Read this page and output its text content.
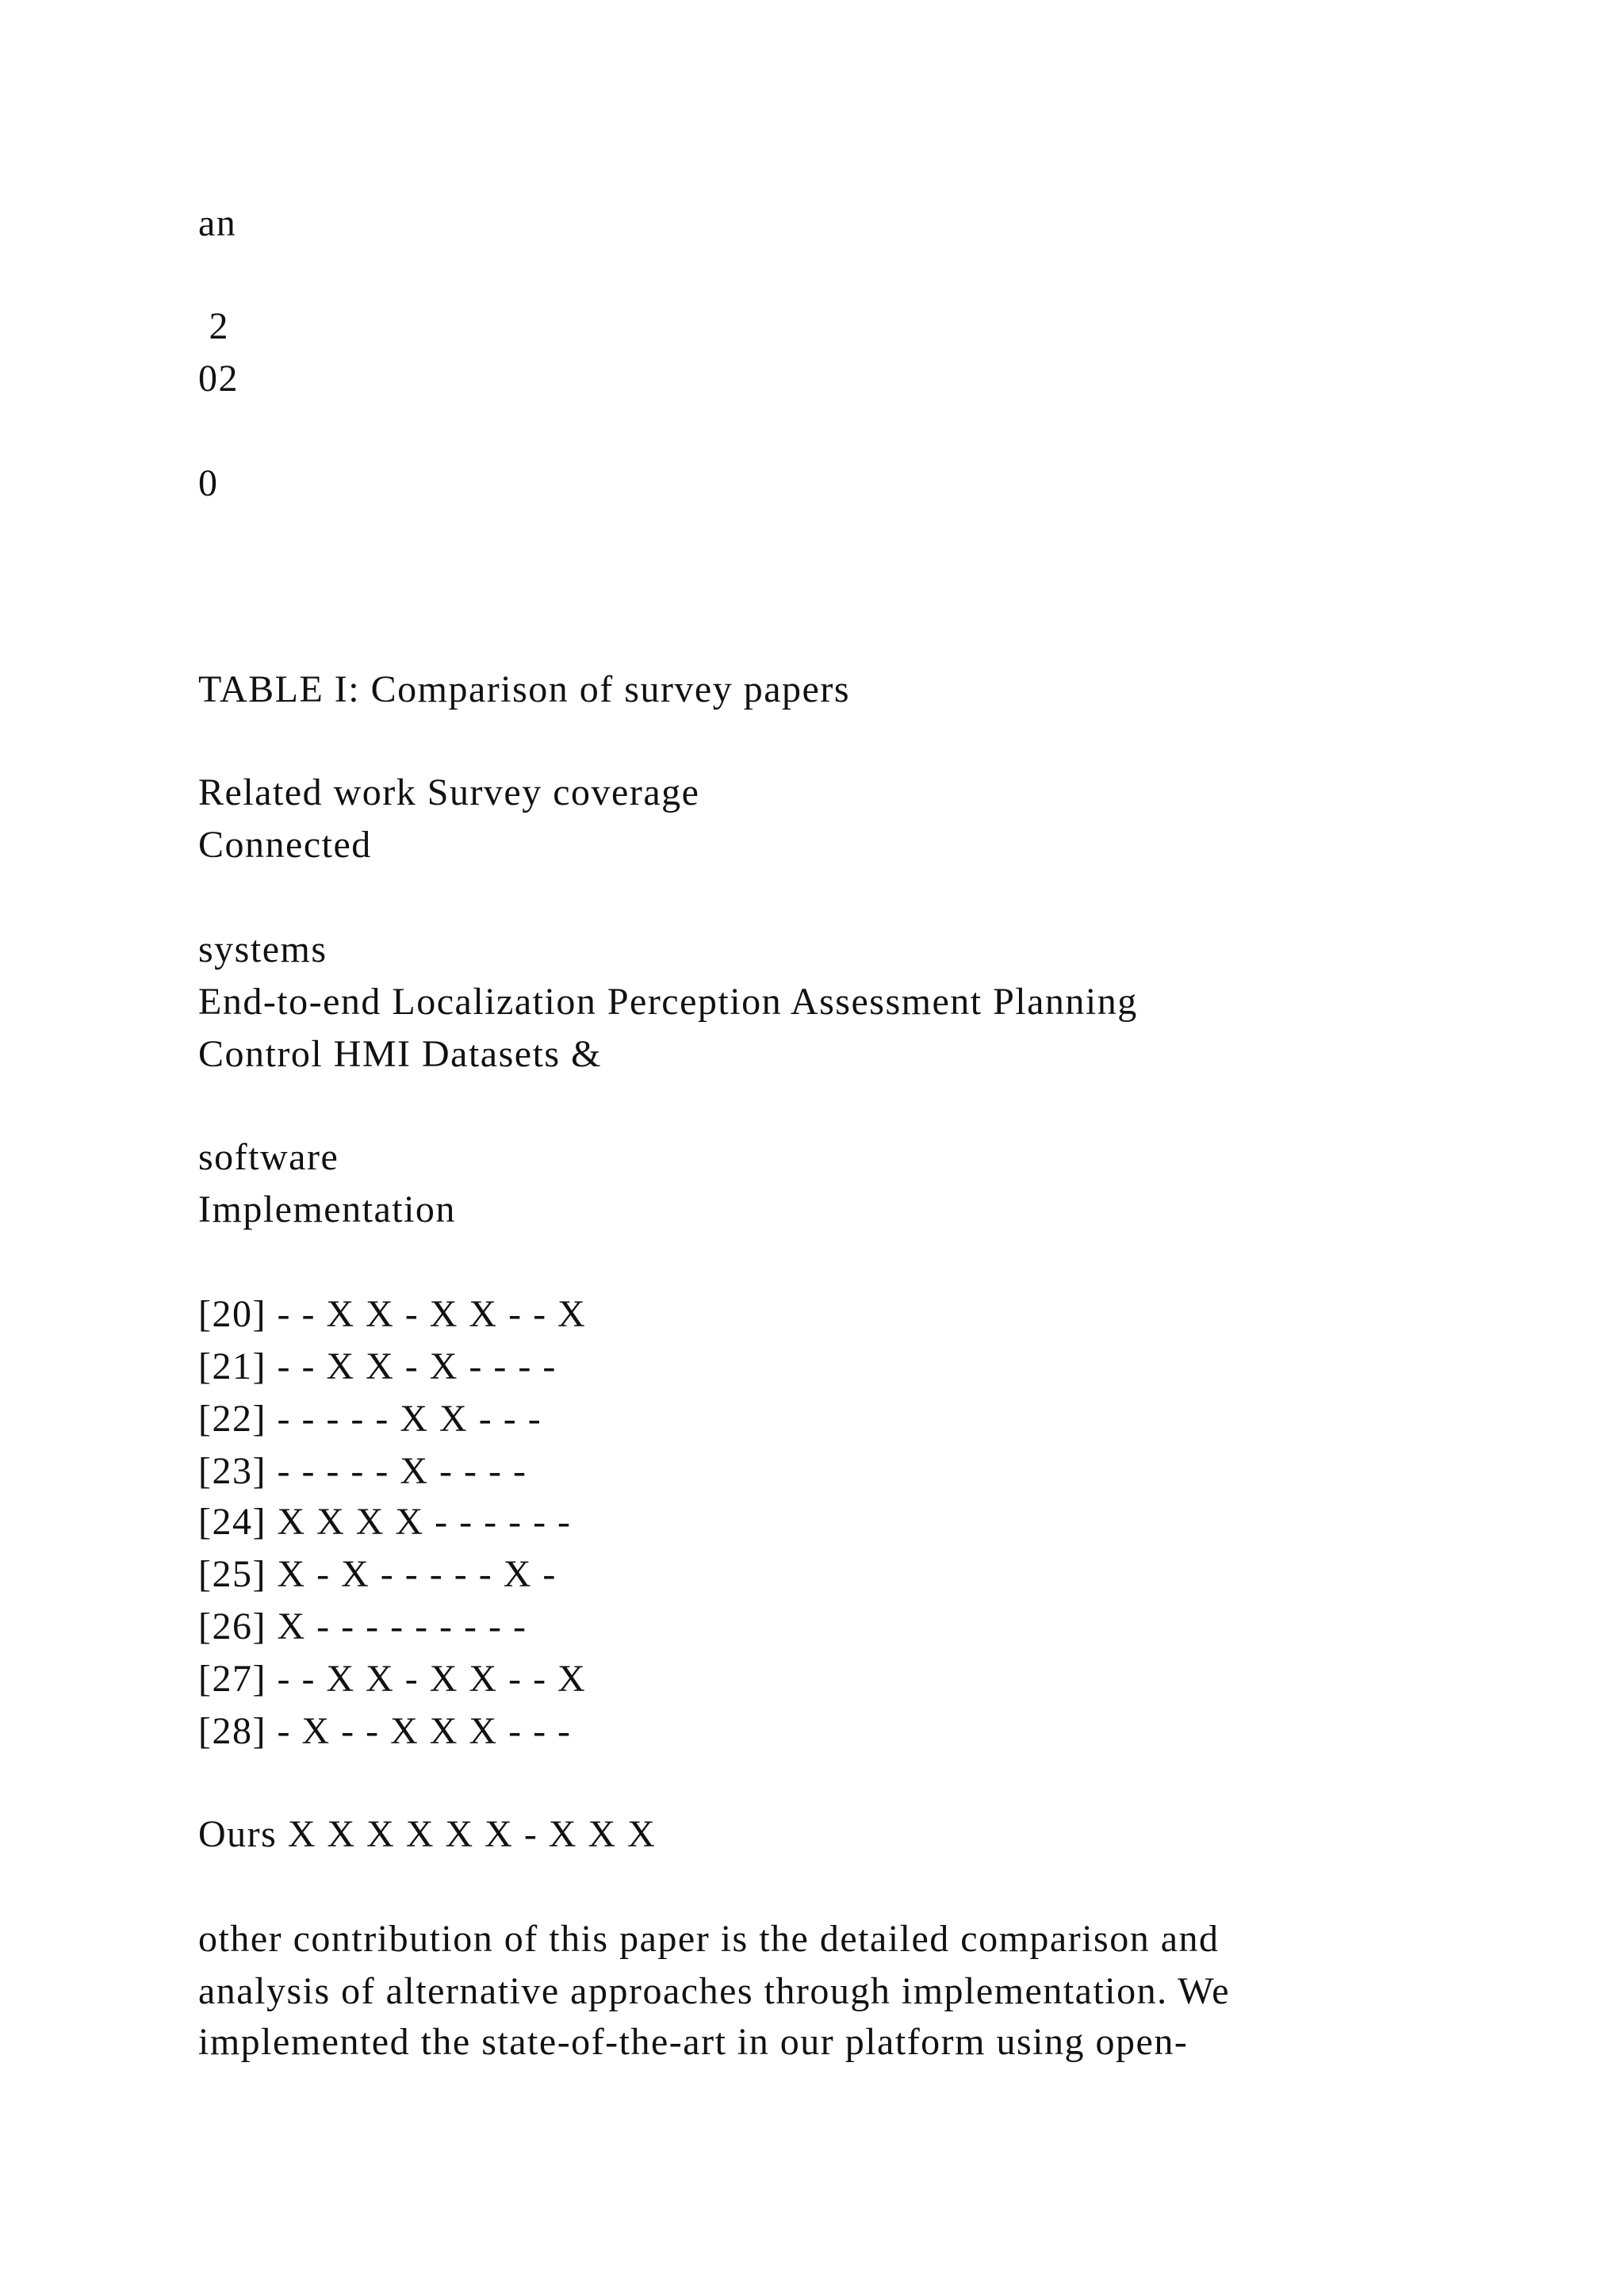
an
2
02
0
TABLE I: Comparison of survey papers
Related work Survey coverage
Connected
systems
End-to-end Localization Perception Assessment Planning
Control HMI Datasets &
software
Implementation
[20] - - X X - X X - - X
[21] - - X X - X - - - -
[22] - - - - - X X - - -
[23] - - - - - X - - - -
[24] X X X X - - - - - -
[25] X - X - - - - - X -
[26] X - - - - - - - - -
[27] - - X X - X X - - X
[28] - X - - X X X - - -
Ours X X X X X X - X X X
other contribution of this paper is the detailed comparison and
analysis of alternative approaches through implementation. We
implemented the state-of-the-art in our platform using open-
